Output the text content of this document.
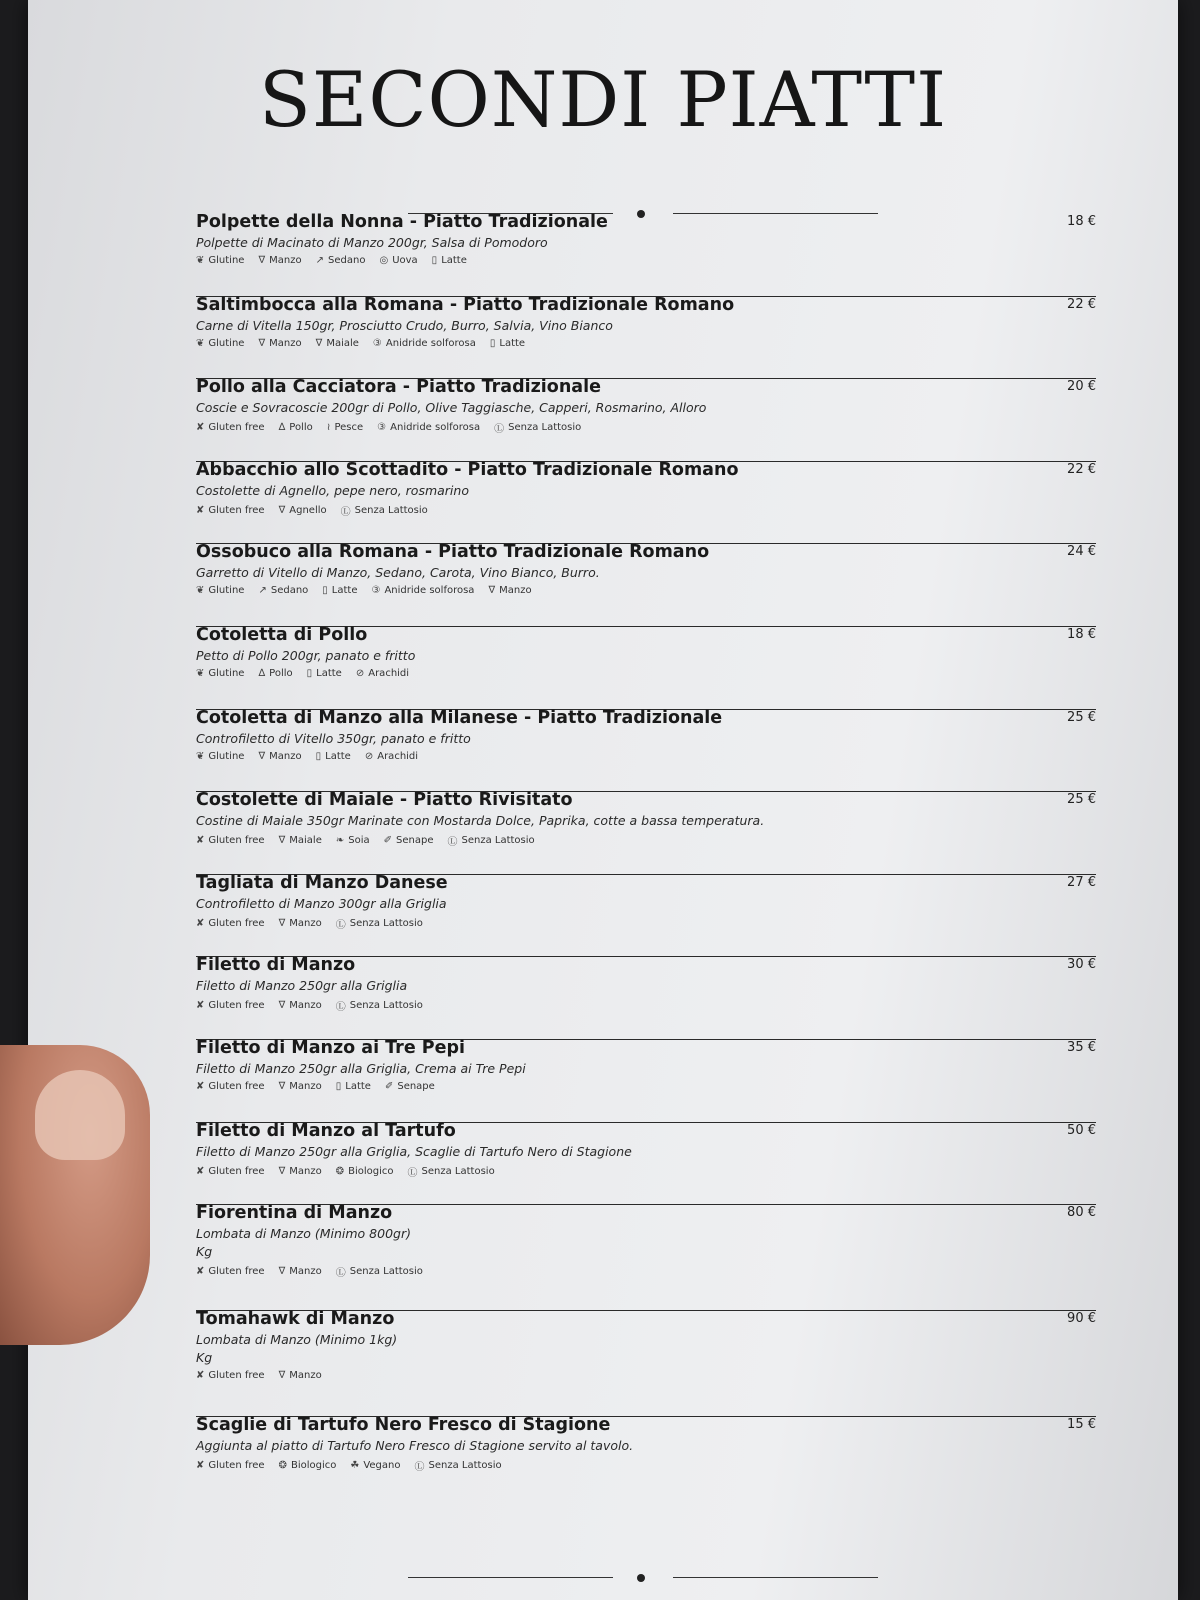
SECONDI PIATTI
Polpette della Nonna - Piatto Tradizionale	18 €
Polpette di Macinato di Manzo 200gr, Salsa di Pomodoro
❦ Glutine ∇ Manzo ↗ Sedano ◎ Uova ▯ Latte
Saltimbocca alla Romana - Piatto Tradizionale Romano	22 €
Carne di Vitella 150gr, Prosciutto Crudo, Burro, Salvia, Vino Bianco
❦ Glutine ∇ Manzo ∇ Maiale ③ Anidride solforosa ▯ Latte
Pollo alla Cacciatora - Piatto Tradizionale	20 €
Coscie e Sovracoscie 200gr di Pollo, Olive Taggiasche, Capperi, Rosmarino, Alloro
✘ Gluten free ∆ Pollo ≀ Pesce ③ Anidride solforosa Ⓛ Senza Lattosio
Abbacchio allo Scottadito - Piatto Tradizionale Romano	22 €
Costolette di Agnello, pepe nero, rosmarino
✘ Gluten free ∇ Agnello Ⓛ Senza Lattosio
Ossobuco alla Romana - Piatto Tradizionale Romano	24 €
Garretto di Vitello di Manzo, Sedano, Carota, Vino Bianco, Burro.
❦ Glutine ↗ Sedano ▯ Latte ③ Anidride solforosa ∇ Manzo
Cotoletta di Pollo	18 €
Petto di Pollo 200gr, panato e fritto
❦ Glutine ∆ Pollo ▯ Latte ⊘ Arachidi
Cotoletta di Manzo alla Milanese - Piatto Tradizionale	25 €
Controfiletto di Vitello 350gr, panato e fritto
❦ Glutine ∇ Manzo ▯ Latte ⊘ Arachidi
Costolette di Maiale - Piatto Rivisitato	25 €
Costine di Maiale 350gr Marinate con Mostarda Dolce, Paprika, cotte a bassa temperatura.
✘ Gluten free ∇ Maiale ❧ Soia ✐ Senape Ⓛ Senza Lattosio
Tagliata di Manzo Danese	27 €
Controfiletto di Manzo 300gr alla Griglia
✘ Gluten free ∇ Manzo Ⓛ Senza Lattosio
Filetto di Manzo	30 €
Filetto di Manzo 250gr alla Griglia
✘ Gluten free ∇ Manzo Ⓛ Senza Lattosio
Filetto di Manzo ai Tre Pepi	35 €
Filetto di Manzo 250gr alla Griglia, Crema ai Tre Pepi
✘ Gluten free ∇ Manzo ▯ Latte ✐ Senape
Filetto di Manzo al Tartufo	50 €
Filetto di Manzo 250gr alla Griglia, Scaglie di Tartufo Nero di Stagione
✘ Gluten free ∇ Manzo ❂ Biologico Ⓛ Senza Lattosio
Fiorentina di Manzo	80 €
Lombata di Manzo (Minimo 800gr)
Kg
✘ Gluten free ∇ Manzo Ⓛ Senza Lattosio
Tomahawk di Manzo	90 €
Lombata di Manzo (Minimo 1kg)
Kg
✘ Gluten free ∇ Manzo
Scaglie di Tartufo Nero Fresco di Stagione	15 €
Aggiunta al piatto di Tartufo Nero Fresco di Stagione servito al tavolo.
✘ Gluten free ❂ Biologico ☘ Vegano Ⓛ Senza Lattosio
